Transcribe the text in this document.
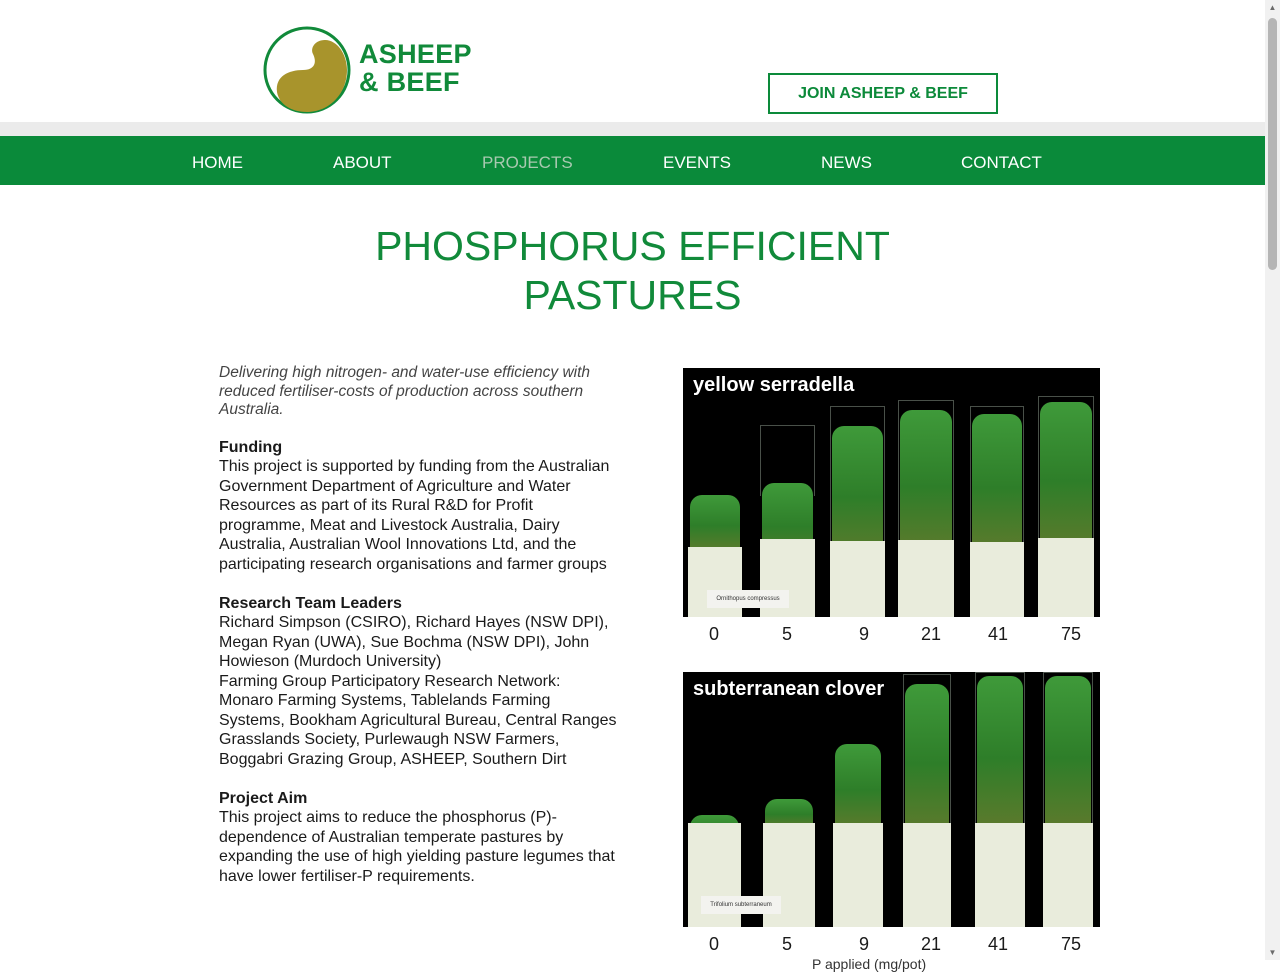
ASHEEP
& BEEF	JOIN ASHEEP & BEEF
HOME	ABOUT	PROJECTS	EVENTS	NEWS	CONTACT
PHOSPHORUS EFFICIENT
PASTURES

Delivering high nitrogen- and water-use efficiency with reduced fertiliser-costs of production across southern Australia.

Funding

This project is supported by funding from the Australian Government Department of Agriculture and Water Resources as part of its Rural R&D for Profit programme, Meat and Livestock Australia, Dairy Australia, Australian Wool Innovations Ltd, and the participating research organisations and farmer groups

Research Team Leaders

Richard Simpson (CSIRO), Richard Hayes (NSW DPI), Megan Ryan (UWA), Sue Bochma (NSW DPI), John Howieson (Murdoch University)

Farming Group Participatory Research Network: Monaro Farming Systems, Tablelands Farming Systems, Bookham Agricultural Bureau, Central Ranges Grasslands Society, Purlewaugh NSW Farmers, Boggabri Grazing Group, ASHEEP, Southern Dirt

Project Aim

This project aims to reduce the phosphorus (P)-dependence of Australian temperate pastures by expanding the use of high yielding pasture legumes that have lower fertiliser-P requirements.

Ornithopus compressus
yellow serradella
0	5	9	21	41	75
Trifolium subterraneum
subterranean clover
0	5	9	21	41	75
P applied (mg/pot)
▲
▼
